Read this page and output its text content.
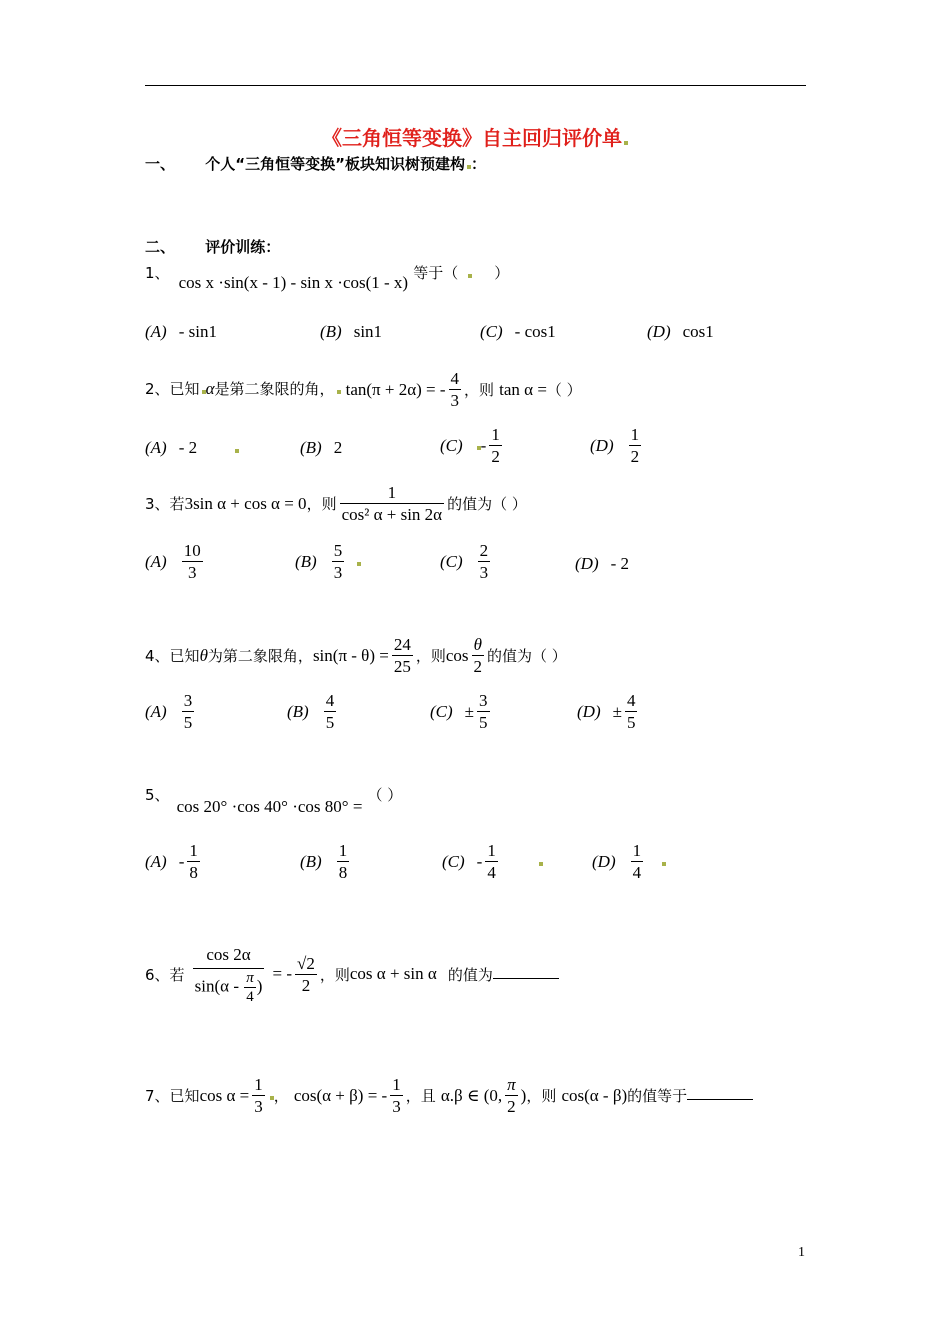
《三角恒等变换》自主回归评价单
一、 个人“三角恒等变换”板块知识树预建构 ：
二、 评价训练：
1、 cos x ·sin(x - 1) - sin x ·cos(1 - x) 等于（ ）
(A) - sin1	(B) sin1	(C) - cos1	(D) cos1
2、已知 α是第二象限的角， tan(π + 2α) = - $\frac{4}{3}$ ，则 tan α =（ ）
(A) - 2	(B) 2	$(C) - \frac{1}{2}$	$(D) \frac{1}{2}$
3、若3sin α + cos α = 0，则 $\frac{1}{\text{cos² α + sin 2α}}$ 的值为（ ）
$(A) \frac{10}{3}$	$(B) \frac{5}{3}$	$(C) \frac{2}{3}$	(D) - 2
4、已知θ为第二象限角，$\sin(\pi - \theta) = \frac{24}{25}$ ，则$\cos \frac{\theta}{2}$ 的值为（ ）
$(A) \frac{3}{5}$	$(B) \frac{4}{5}$	$(C) \pm \frac{3}{5}$	$(D) \pm \frac{4}{5}$
5、 cos 20° ·cos 40° ·cos 80° = （ ）
$(A) - \frac{1}{8}$	$(B) \frac{1}{8}$	$(C) - \frac{1}{4}$	$(D) \frac{1}{4}$
6、若 $\frac{\cos 2\alpha}{\sin(\alpha - \frac{\pi}{4} )}$ = - $\frac{√2}{2}$ ，则cos α + sin α 的值为
7、已知$\cos \alpha = \frac{1}{3}$ ， cos(α + β) = - $\frac{1}{3}$ ，且 α.β ∈ (0, $\frac{\pi}{2}$ )，则 cos(α - β)的值等于
1
